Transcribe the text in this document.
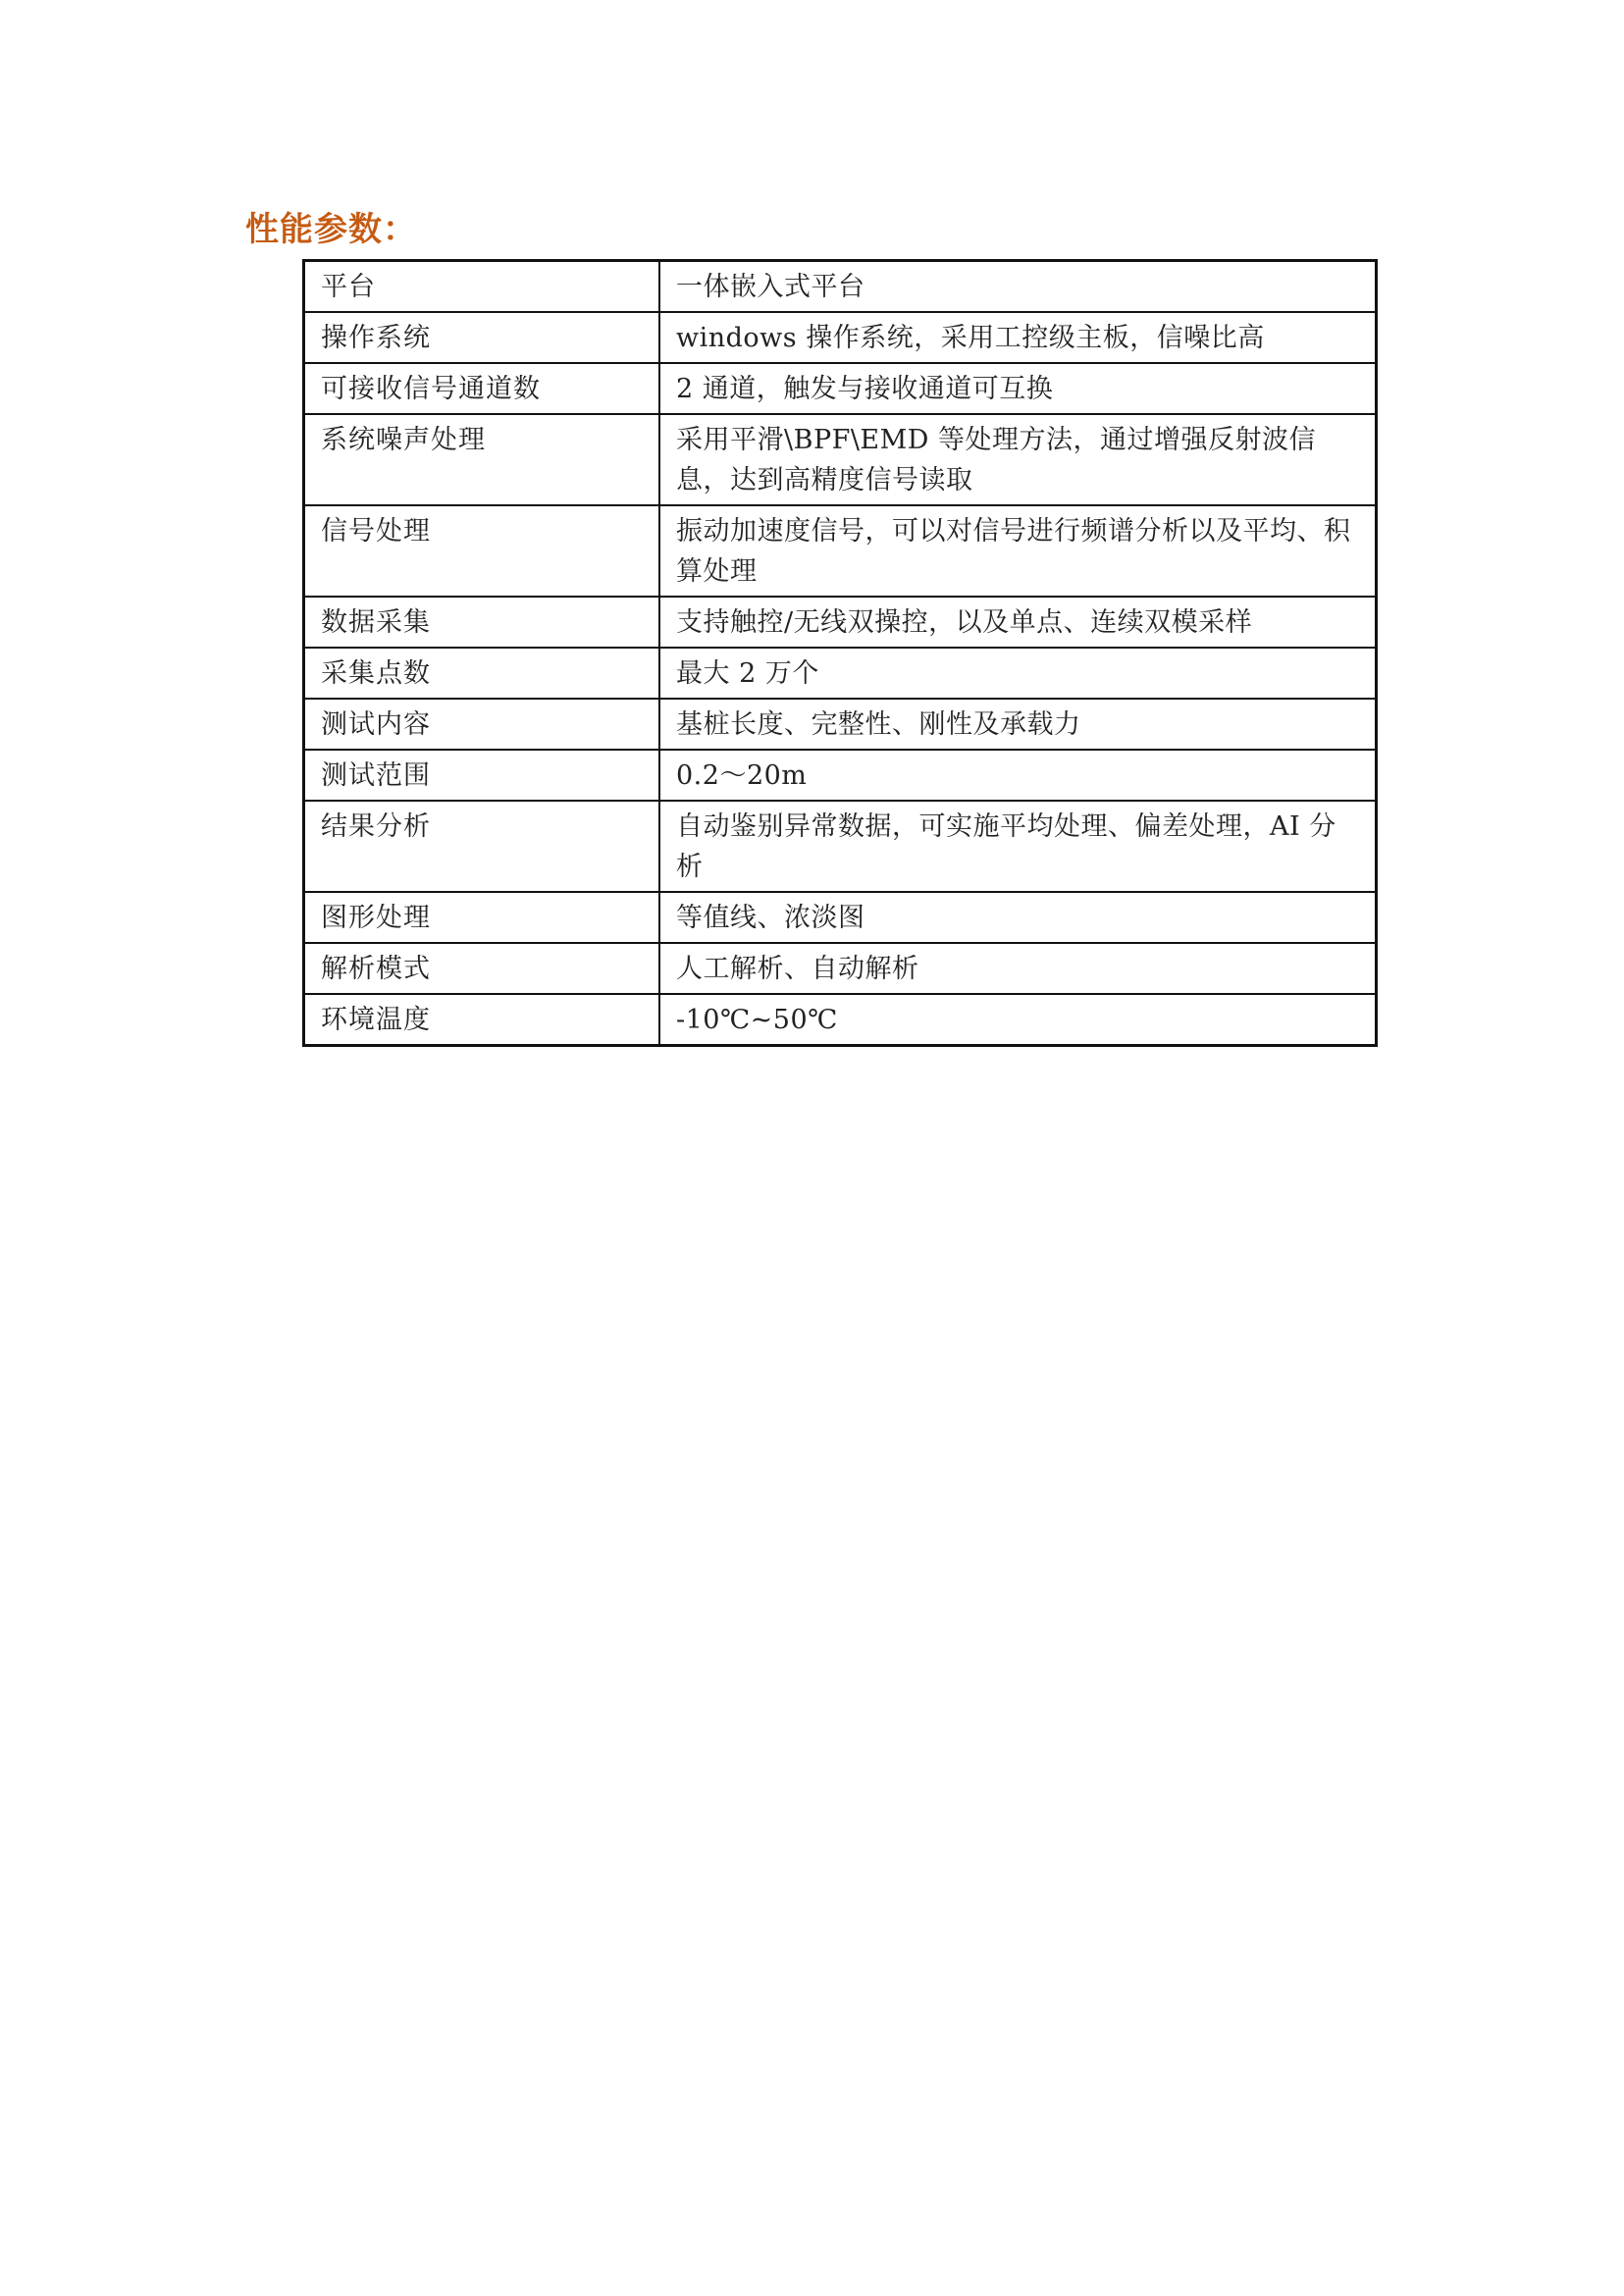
性能参数：
平台	一体嵌入式平台
操作系统	windows 操作系统，采用工控级主板，信噪比高
可接收信号通道数	2 通道，触发与接收通道可互换
系统噪声处理	采用平滑\BPF\EMD 等处理方法，通过增强反射波信息，达到高精度信号读取
信号处理	振动加速度信号，可以对信号进行频谱分析以及平均、积算处理
数据采集	支持触控/无线双操控，以及单点、连续双模采样
采集点数	最大 2 万个
测试内容	基桩长度、完整性、刚性及承载力
测试范围	0.2～20m
结果分析	自动鉴别异常数据，可实施平均处理、偏差处理，AI 分析
图形处理	等值线、浓淡图
解析模式	人工解析、自动解析
环境温度	-10℃~50℃
